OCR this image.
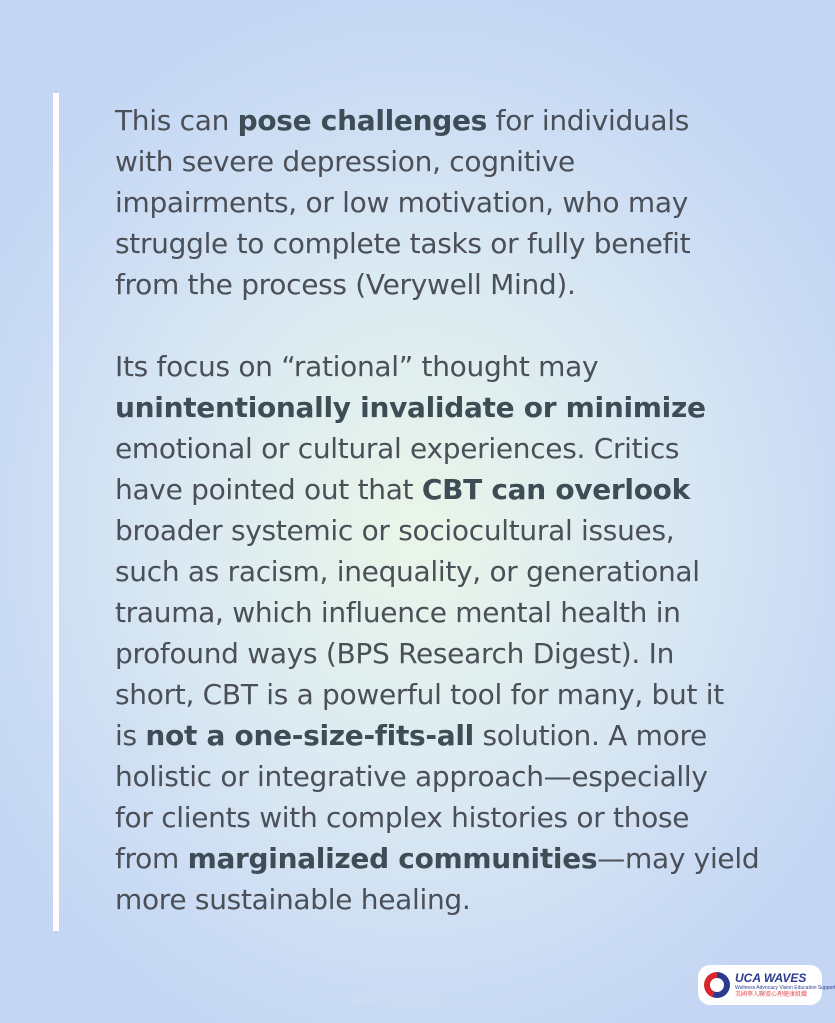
This can pose challenges for individuals
with severe depression, cognitive
impairments, or low motivation, who may
struggle to complete tasks or fully benefit
from the process (Verywell Mind).

Its focus on “rational” thought may
unintentionally invalidate or minimize
emotional or cultural experiences. Critics
have pointed out that CBT can overlook
broader systemic or sociocultural issues,
such as racism, inequality, or generational
trauma, which influence mental health in
profound ways (BPS Research Digest). In
short, CBT is a powerful tool for many, but it
is not a one-size-fits-all solution. A more
holistic or integrative approach—especially
for clients with complex histories or those
from marginalized communities—may yield
more sustainable healing.

@uca.waves
UCA WAVES
Wellness Advocacy Vision Education Support
美國華人聯盟心理健康組織
